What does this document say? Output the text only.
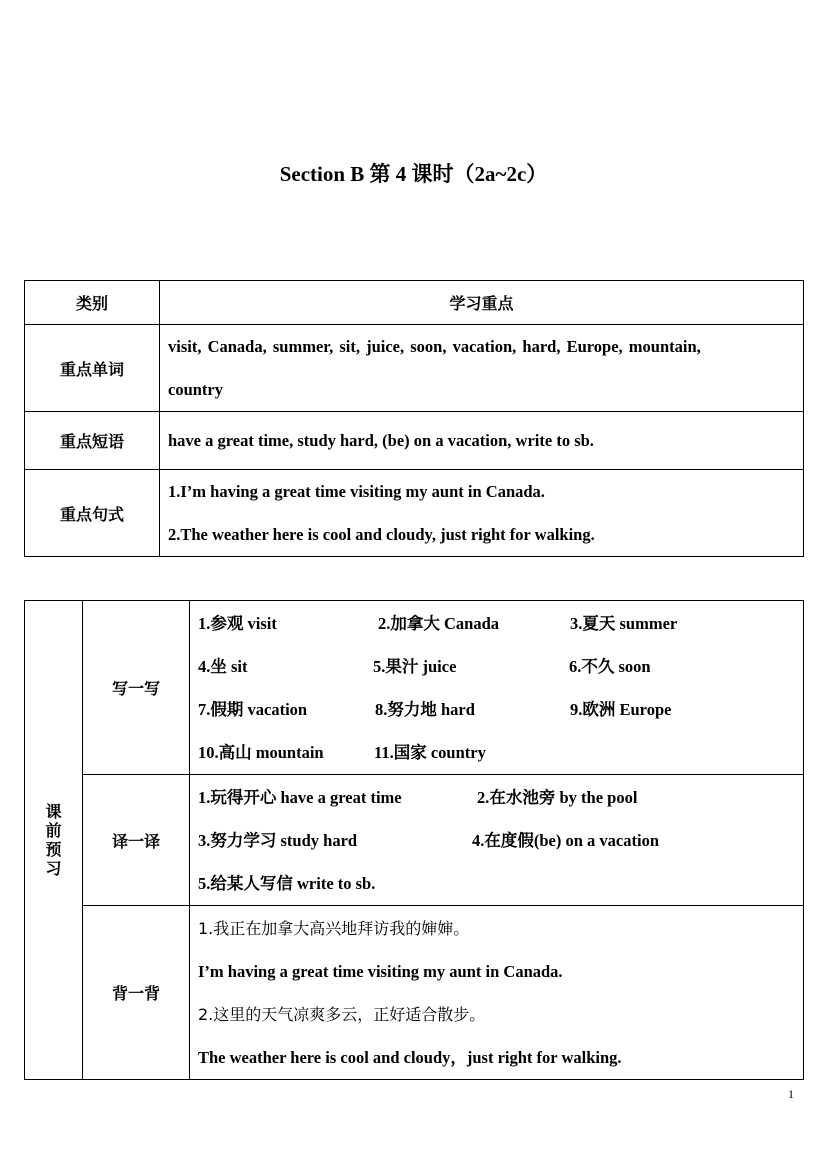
Section B 第 4 课时（2a~2c）
类别	学习重点
重点单词	visit, Canada, summer, sit, juice, soon, vacation, hard, Europe, mountain,
country

重点短语	have a great time, study hard, (be) on a vacation, write to sb.

重点句式	1.I’m having a great time visiting my aunt in Canada.
2.The weather here is cool and cloudy, just right for walking.
课前预习	写一写	1.参观 visit 2.加拿大 Canada 3.夏天 summer
4.坐 sit 5.果汁 juice 6.不久 soon
7.假期 vacation 8.努力地 hard 9.欧洲 Europe
10.高山 mountain 11.国家 country

	译一译	1.玩得开心 have a great time 2.在水池旁 by the pool
3.努力学习 study hard 4.在度假(be) on a vacation
5.给某人写信 write to sb.

	背一背	1.我正在加拿大高兴地拜访我的婶婶。
I’m having a great time visiting my aunt in Canada.
2.这里的天气凉爽多云，正好适合散步。
The weather here is cool and cloudy，just right for walking.
1
